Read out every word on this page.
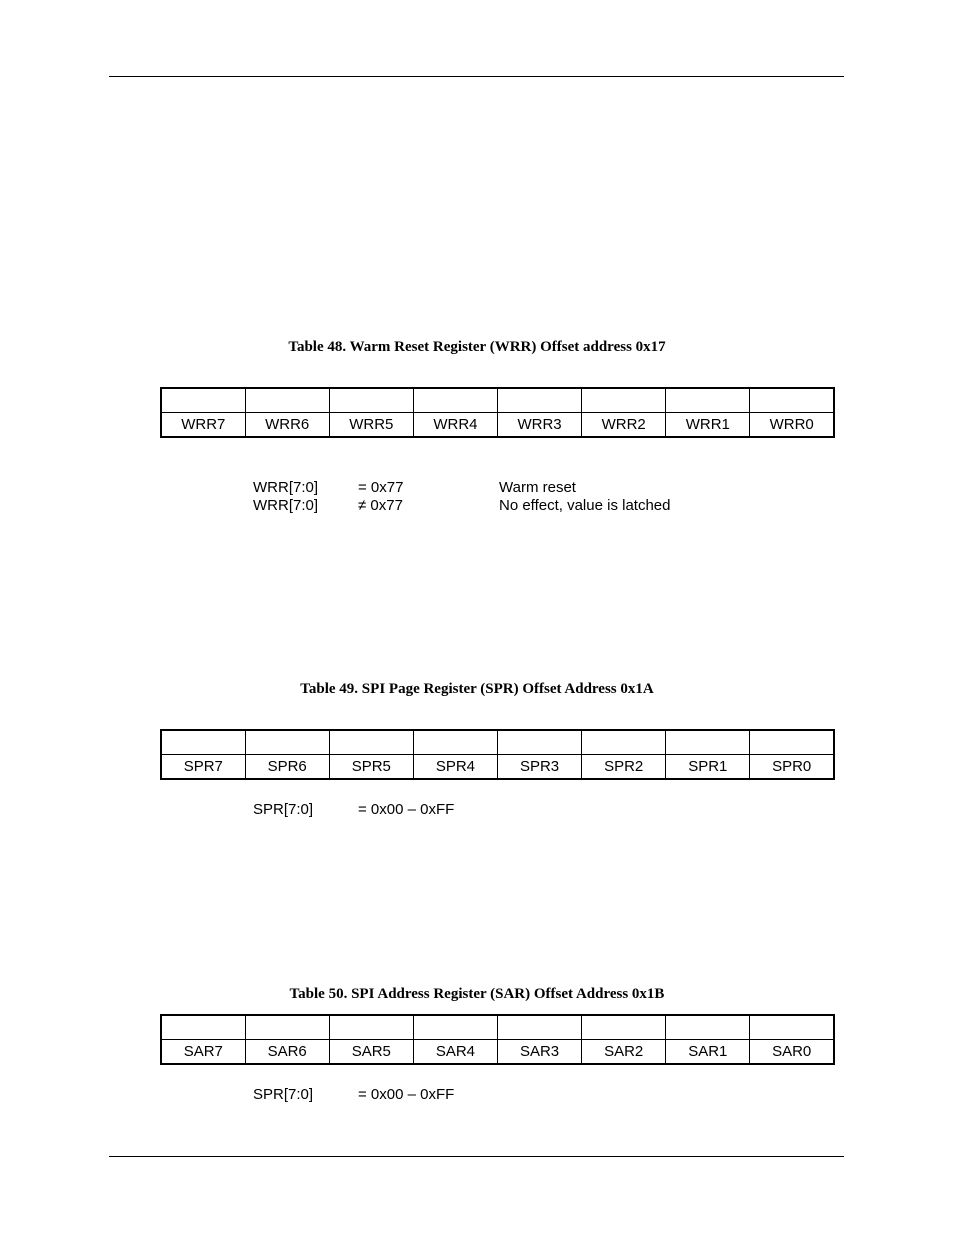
Table 48. Warm Reset Register (WRR) Offset address 0x17

WRR7	WRR6	WRR5	WRR4	WRR3	WRR2	WRR1	WRR0
WRR[7:0]	= 0x77	Warm reset
WRR[7:0]	≠ 0x77	No effect, value is latched
Table 49. SPI Page Register (SPR) Offset Address 0x1A

SPR7	SPR6	SPR5	SPR4	SPR3	SPR2	SPR1	SPR0
SPR[7:0]	= 0x00 – 0xFF
Table 50. SPI Address Register (SAR) Offset Address 0x1B

SAR7	SAR6	SAR5	SAR4	SAR3	SAR2	SAR1	SAR0
SPR[7:0]	= 0x00 – 0xFF
